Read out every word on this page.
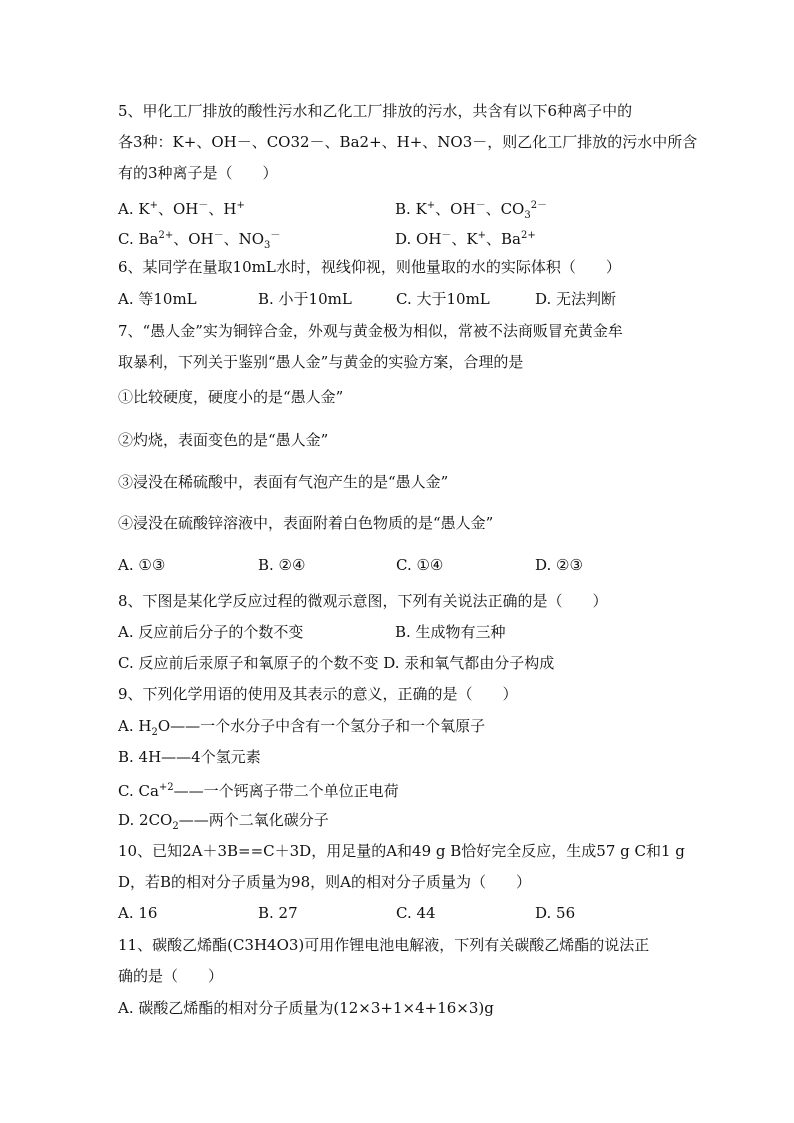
5、甲化工厂排放的酸性污水和乙化工厂排放的污水，共含有以下6种离子中的
各3种：K+、OH－、CO32－、Ba2+、H+、NO3－，则乙化工厂排放的污水中所含
有的3种离子是（　　）
A. K+、OH－、H+	B. K+、OH－、$CO_3^{2-}$
C. $Ba^{2+}$、OH－、$NO_3^-$	D. OH－、K+、$Ba^{2+}$
6、某同学在量取10mL水时，视线仰视，则他量取的水的实际体积（　　）
A. 等10mL	B. 小于10mL	C. 大于10mL	D. 无法判断
7、“愚人金”实为铜锌合金，外观与黄金极为相似，常被不法商贩冒充黄金牟
取暴利，下列关于鉴别“愚人金”与黄金的实验方案，合理的是
①比较硬度，硬度小的是“愚人金”
②灼烧，表面变色的是“愚人金”
③浸没在稀硫酸中，表面有气泡产生的是“愚人金”
④浸没在硫酸锌溶液中，表面附着白色物质的是“愚人金”
A. ①③	B. ②④	C. ①④	D. ②③
8、下图是某化学反应过程的微观示意图，下列有关说法正确的是（　　）
A. 反应前后分子的个数不变	B. 生成物有三种
C. 反应前后汞原子和氧原子的个数不变 D. 汞和氧气都由分子构成
9、下列化学用语的使用及其表示的意义，正确的是（　　）
A. $H_2O——$一个水分子中含有一个氢分子和一个氧原子
B. 4H——4个氢元素
C. $Ca^{+2}——$一个钙离子带二个单位正电荷
D. $2CO_2——$两个二氧化碳分子
10、已知2A＋3B==C＋3D，用足量的A和49 g B恰好完全反应，生成57 g C和1 g
D，若B的相对分子质量为98，则A的相对分子质量为（　　）
A. 16	B. 27	C. 44	D. 56
11、碳酸乙烯酯(C3H4O3)可用作锂电池电解液，下列有关碳酸乙烯酯的说法正
确的是（　　）
A. 碳酸乙烯酯的相对分子质量为(12×3+1×4+16×3)g
